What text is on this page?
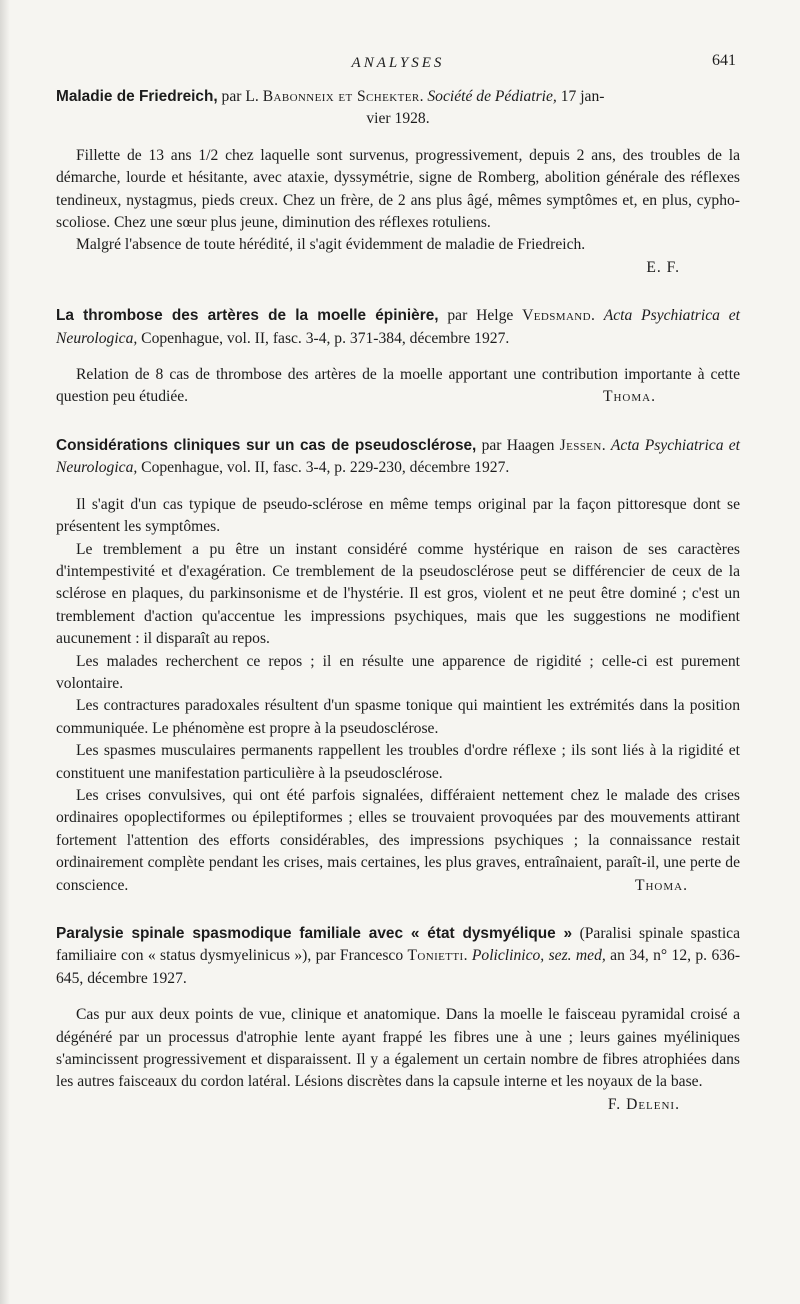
ANALYSES	641
Maladie de Friedreich, par L. Babonneix et Schekter. Société de Pédiatrie, 17 jan-
vier 1928.

Fillette de 13 ans 1/2 chez laquelle sont survenus, progressivement, depuis 2 ans, des troubles de la démarche, lourde et hésitante, avec ataxie, dyssymétrie, signe de Romberg, abolition générale des réflexes tendineux, nystagmus, pieds creux. Chez un frère, de 2 ans plus âgé, mêmes symptômes et, en plus, cypho-scoliose. Chez une sœur plus jeune, diminution des réflexes rotuliens.

Malgré l'absence de toute hérédité, il s'agit évidemment de maladie de Friedreich.

E. F.
La thrombose des artères de la moelle épinière, par Helge Vedsmand. Acta Psychiatrica et Neurologica, Copenhague, vol. II, fasc. 3-4, p. 371-384, décembre 1927.

Relation de 8 cas de thrombose des artères de la moelle apportant une contribution importante à cette question peu étudiée.	Thoma.

Considérations cliniques sur un cas de pseudosclérose, par Haagen Jessen. Acta Psychiatrica et Neurologica, Copenhague, vol. II, fasc. 3-4, p. 229-230, décembre 1927.

Il s'agit d'un cas typique de pseudo-sclérose en même temps original par la façon pittoresque dont se présentent les symptômes.

Le tremblement a pu être un instant considéré comme hystérique en raison de ses caractères d'intempestivité et d'exagération. Ce tremblement de la pseudosclérose peut se différencier de ceux de la sclérose en plaques, du parkinsonisme et de l'hystérie. Il est gros, violent et ne peut être dominé ; c'est un tremblement d'action qu'accentue les impressions psychiques, mais que les suggestions ne modifient aucunement : il disparaît au repos.

Les malades recherchent ce repos ; il en résulte une apparence de rigidité ; celle-ci est purement volontaire.

Les contractures paradoxales résultent d'un spasme tonique qui maintient les extrémités dans la position communiquée. Le phénomène est propre à la pseudosclérose.

Les spasmes musculaires permanents rappellent les troubles d'ordre réflexe ; ils sont liés à la rigidité et constituent une manifestation particulière à la pseudosclérose.

Les crises convulsives, qui ont été parfois signalées, différaient nettement chez le malade des crises ordinaires opoplectiformes ou épileptiformes ; elles se trouvaient provoquées par des mouvements attirant fortement l'attention des efforts considérables, des impressions psychiques ; la connaissance restait ordinairement complète pendant les crises, mais certaines, les plus graves, entraînaient, paraît-il, une perte de conscience.	Thoma.

Paralysie spinale spasmodique familiale avec « état dysmyélique » (Paralisi spinale spastica familiaire con « status dysmyelinicus »), par Francesco Tonietti. Policlinico, sez. med, an 34, n° 12, p. 636-645, décembre 1927.

Cas pur aux deux points de vue, clinique et anatomique. Dans la moelle le faisceau pyramidal croisé a dégénéré par un processus d'atrophie lente ayant frappé les fibres une à une ; leurs gaines myéliniques s'amincissent progressivement et disparaissent. Il y a également un certain nombre de fibres atrophiées dans les autres faisceaux du cordon latéral. Lésions discrètes dans la capsule interne et les noyaux de la base.

F. Deleni.
